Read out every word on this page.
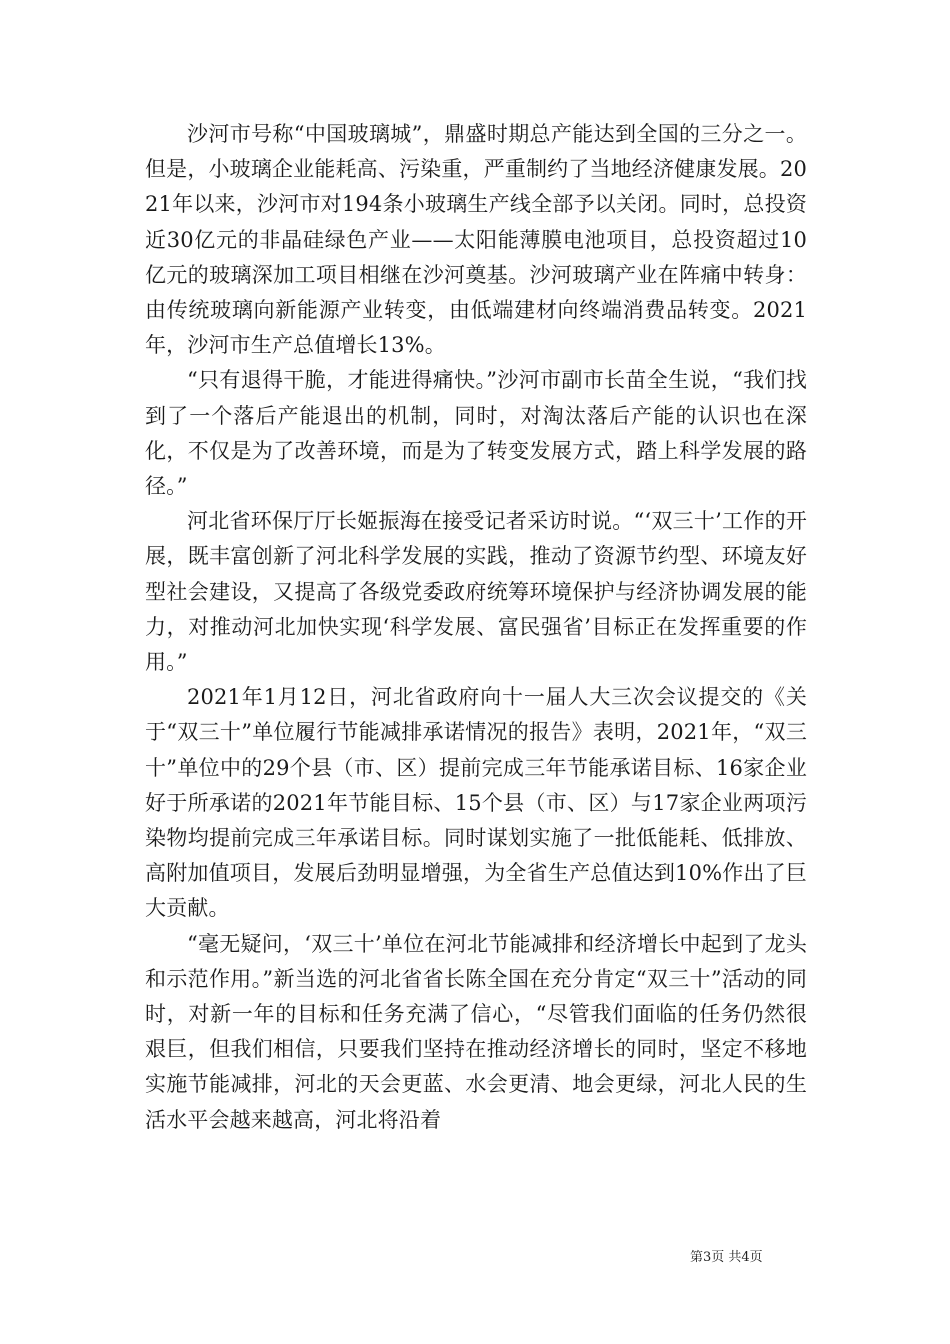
沙河市号称“中国玻璃城”，鼎盛时期总产能达到全国的三分之一。但是，小玻璃企业能耗高、污染重，严重制约了当地经济健康发展。2021年以来，沙河市对194条小玻璃生产线全部予以关闭。同时，总投资近30亿元的非晶硅绿色产业——太阳能薄膜电池项目，总投资超过10亿元的玻璃深加工项目相继在沙河奠基。沙河玻璃产业在阵痛中转身：由传统玻璃向新能源产业转变，由低端建材向终端消费品转变。2021年，沙河市生产总值增长13%。

“只有退得干脆，才能进得痛快。”沙河市副市长苗全生说，“我们找到了一个落后产能退出的机制，同时，对淘汰落后产能的认识也在深化，不仅是为了改善环境，而是为了转变发展方式，踏上科学发展的路径。”

河北省环保厅厅长姬振海在接受记者采访时说。“‘双三十’工作的开展，既丰富创新了河北科学发展的实践，推动了资源节约型、环境友好型社会建设，又提高了各级党委政府统筹环境保护与经济协调发展的能力，对推动河北加快实现‘科学发展、富民强省’目标正在发挥重要的作用。”

2021年1月12日，河北省政府向十一届人大三次会议提交的《关于“双三十”单位履行节能减排承诺情况的报告》表明，2021年，“双三十”单位中的29个县（市、区）提前完成三年节能承诺目标、16家企业好于所承诺的2021年节能目标、15个县（市、区）与17家企业两项污染物均提前完成三年承诺目标。同时谋划实施了一批低能耗、低排放、高附加值项目，发展后劲明显增强，为全省生产总值达到10%作出了巨大贡献。

“毫无疑问，‘双三十’单位在河北节能减排和经济增长中起到了龙头和示范作用。”新当选的河北省省长陈全国在充分肯定“双三十”活动的同时，对新一年的目标和任务充满了信心，“尽管我们面临的任务仍然很艰巨，但我们相信，只要我们坚持在推动经济增长的同时，坚定不移地实施节能减排，河北的天会更蓝、水会更清、地会更绿，河北人民的生活水平会越来越高，河北将沿着

第3页 共4页
